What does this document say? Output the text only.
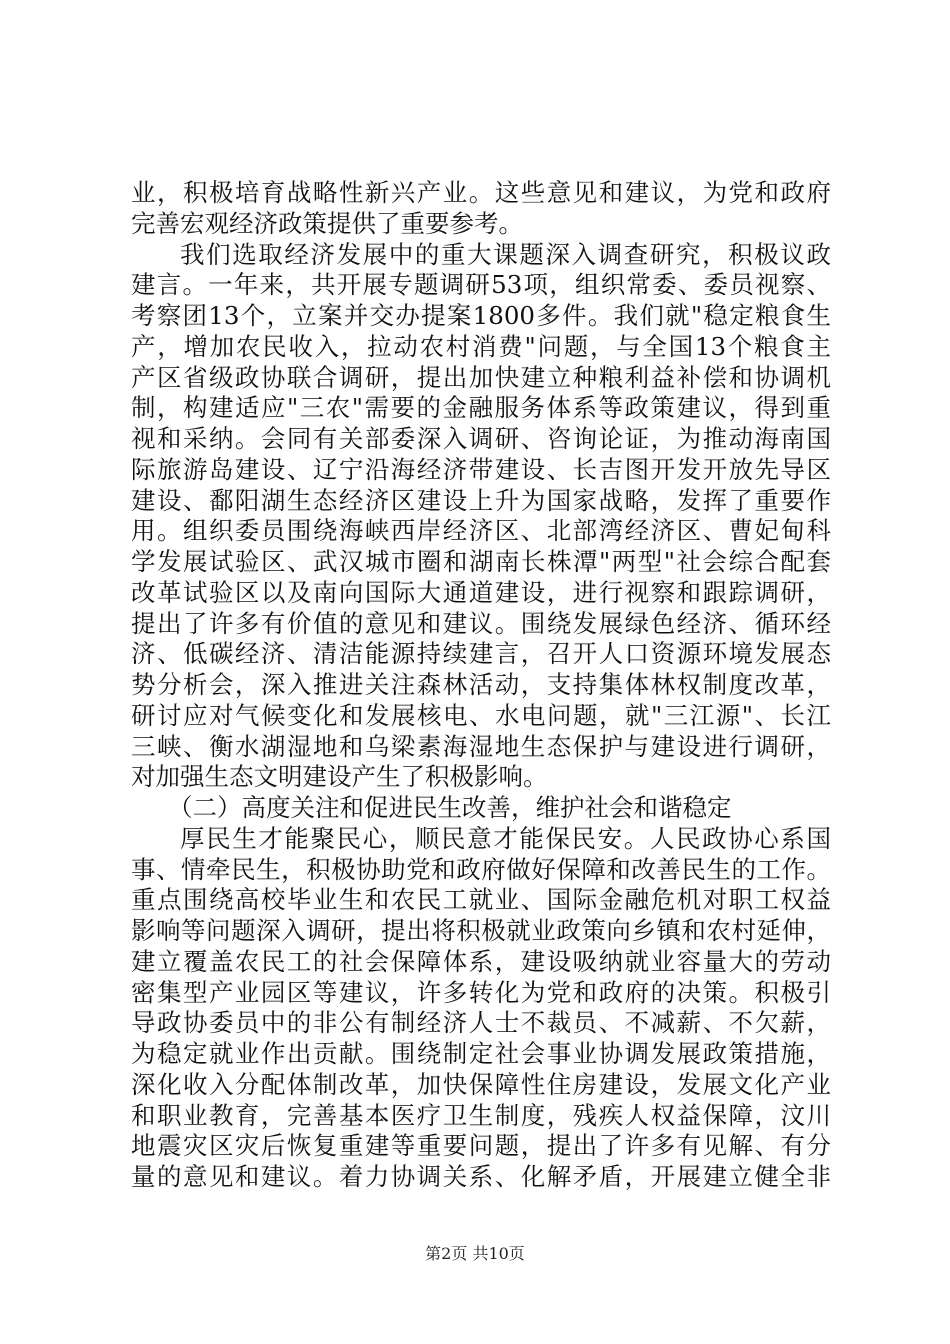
业，积极培育战略性新兴产业。这些意见和建议，为党和政府
完善宏观经济政策提供了重要参考。
我们选取经济发展中的重大课题深入调查研究，积极议政
建言。一年来，共开展专题调研53项，组织常委、委员视察、
考察团13个，立案并交办提案1800多件。我们就"稳定粮食生
产，增加农民收入，拉动农村消费"问题，与全国13个粮食主
产区省级政协联合调研，提出加快建立种粮利益补偿和协调机
制，构建适应"三农"需要的金融服务体系等政策建议，得到重
视和采纳。会同有关部委深入调研、咨询论证，为推动海南国
际旅游岛建设、辽宁沿海经济带建设、长吉图开发开放先导区
建设、鄱阳湖生态经济区建设上升为国家战略，发挥了重要作
用。组织委员围绕海峡西岸经济区、北部湾经济区、曹妃甸科
学发展试验区、武汉城市圈和湖南长株潭"两型"社会综合配套
改革试验区以及南向国际大通道建设，进行视察和跟踪调研，
提出了许多有价值的意见和建议。围绕发展绿色经济、循环经
济、低碳经济、清洁能源持续建言，召开人口资源环境发展态
势分析会，深入推进关注森林活动，支持集体林权制度改革，
研讨应对气候变化和发展核电、水电问题，就"三江源"、长江
三峡、衡水湖湿地和乌梁素海湿地生态保护与建设进行调研，
对加强生态文明建设产生了积极影响。
（二）高度关注和促进民生改善，维护社会和谐稳定
厚民生才能聚民心，顺民意才能保民安。人民政协心系国
事、情牵民生，积极协助党和政府做好保障和改善民生的工作。
重点围绕高校毕业生和农民工就业、国际金融危机对职工权益
影响等问题深入调研，提出将积极就业政策向乡镇和农村延伸，
建立覆盖农民工的社会保障体系，建设吸纳就业容量大的劳动
密集型产业园区等建议，许多转化为党和政府的决策。积极引
导政协委员中的非公有制经济人士不裁员、不减薪、不欠薪，
为稳定就业作出贡献。围绕制定社会事业协调发展政策措施，
深化收入分配体制改革，加快保障性住房建设，发展文化产业
和职业教育，完善基本医疗卫生制度，残疾人权益保障，汶川
地震灾区灾后恢复重建等重要问题，提出了许多有见解、有分
量的意见和建议。着力协调关系、化解矛盾，开展建立健全非
第2页 共10页
